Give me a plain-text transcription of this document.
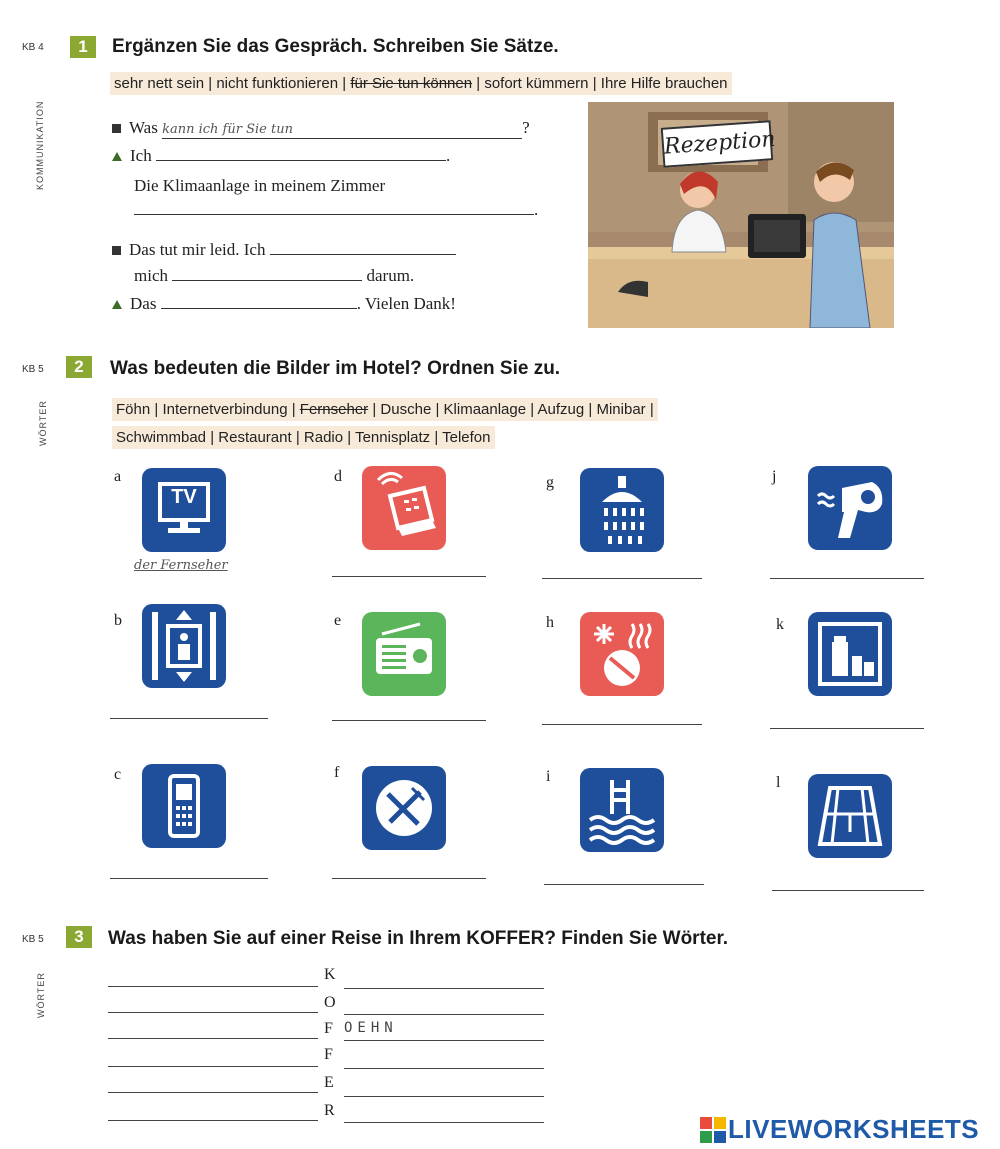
KB 4	1	Ergänzen Sie das Gespräch. Schreiben Sie Sätze.
KOMMUNIKATION
sehr nett sein | nicht funktionieren | für Sie tun können | sofort kümmern | Ihre Hilfe brauchen
Was kann ich für Sie tun	?
Ich	.
Die Klimaanlage in meinem Zimmer
.
Das tut mir leid. Ich
mich	darum.
Das	. Vielen Dank!
Rezeption
KB 5	2	Was bedeuten die Bilder im Hotel? Ordnen Sie zu.
WÖRTER	Föhn | Internetverbindung | Fernseher | Dusche | Klimaanlage | Aufzug | Minibar |
Schwimmbad | Restaurant | Radio | Tennisplatz | Telefon
a
TV
der Fernseher
b
c
d
e
f
g
h
i
j
k
l
KB 5	3	Was haben Sie auf einer Reise in Ihrem KOFFER? Finden Sie Wörter.
WÖRTER	K
O
F OEHN
F
E
R
LIVEWORKSHEETS
